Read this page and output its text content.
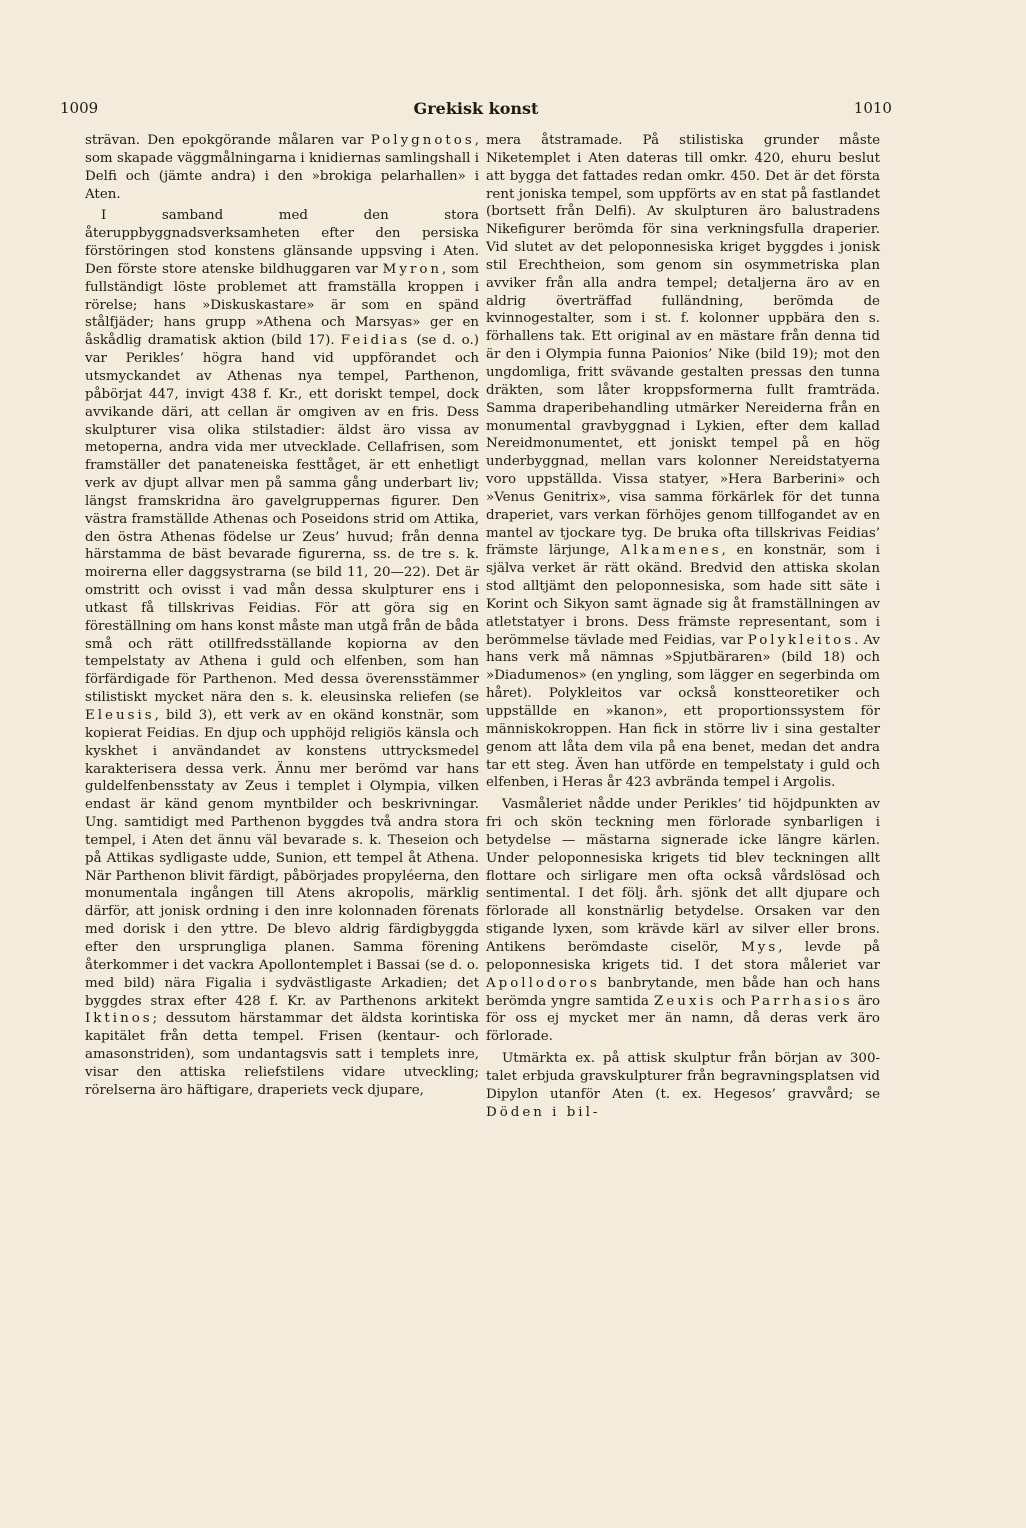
1009	Grekisk konst	1010

strävan. Den epokgörande målaren var Polygnotos, som skapade väggmålningarna i knidiernas samlingshall i Delfi och (jämte andra) i den »brokiga pelarhallen» i Aten.

I samband med den stora återuppbyggnadsverksamheten efter den persiska förstöringen stod konstens glänsande uppsving i Aten. Den förste store atenske bildhuggaren var Myron, som fullständigt löste problemet att framställa kroppen i rörelse; hans »Diskuskastare» är som en spänd stålfjäder; hans grupp »Athena och Marsyas» ger en åskådlig dramatisk aktion (bild 17). Feidias (se d. o.) var Perikles’ högra hand vid uppförandet och utsmyckandet av Athenas nya tempel, Parthenon, påbörjat 447, invigt 438 f. Kr., ett doriskt tempel, dock avvikande däri, att cellan är omgiven av en fris. Dess skulpturer visa olika stilstadier: äldst äro vissa av metoperna, andra vida mer utvecklade. Cellafrisen, som framställer det panateneiska festtåget, är ett enhetligt verk av djupt allvar men på samma gång underbart liv; längst framskridna äro gavelgruppernas figurer. Den västra framställde Athenas och Poseidons strid om Attika, den östra Athenas födelse ur Zeus’ huvud; från denna härstamma de bäst bevarade figurerna, ss. de tre s. k. moirerna eller daggsystrarna (se bild 11, 20—22). Det är omstritt och ovisst i vad mån dessa skulpturer ens i utkast få tillskrivas Feidias. För att göra sig en föreställning om hans konst måste man utgå från de båda små och rätt otillfredsställande kopiorna av den tempelstaty av Athena i guld och elfenben, som han förfärdigade för Parthenon. Med dessa överensstämmer stilistiskt mycket nära den s. k. eleusinska reliefen (se Eleusis, bild 3), ett verk av en okänd konstnär, som kopierat Feidias. En djup och upphöjd religiös känsla och kyskhet i användandet av konstens uttrycksmedel karakterisera dessa verk. Ännu mer berömd var hans guldelfenbensstaty av Zeus i templet i Olympia, vilken endast är känd genom myntbilder och beskrivningar. Ung. samtidigt med Parthenon byggdes två andra stora tempel, i Aten det ännu väl bevarade s. k. Theseion och på Attikas sydligaste udde, Sunion, ett tempel åt Athena. När Parthenon blivit färdigt, påbörjades propyléerna, den monumentala ingången till Atens akropolis, märklig därför, att jonisk ordning i den inre kolonnaden förenats med dorisk i den yttre. De blevo aldrig färdigbyggda efter den ursprungliga planen. Samma förening återkommer i det vackra Apollontemplet i Bassai (se d. o. med bild) nära Figalia i sydvästligaste Arkadien; det byggdes strax efter 428 f. Kr. av Parthenons arkitekt Iktinos; dessutom härstammar det äldsta korintiska kapitälet från detta tempel. Frisen (kentaur- och amasonstriden), som undantagsvis satt i templets inre, visar den attiska reliefstilens vidare utveckling; rörelserna äro häftigare, draperiets veck djupare,

mera åtstramade. På stilistiska grunder måste Niketemplet i Aten dateras till omkr. 420, ehuru beslut att bygga det fattades redan omkr. 450. Det är det första rent joniska tempel, som uppförts av en stat på fastlandet (bortsett från Delfi). Av skulpturen äro balustradens Nikefigurer berömda för sina verkningsfulla draperier. Vid slutet av det peloponnesiska kriget byggdes i jonisk stil Erechtheion, som genom sin osymmetriska plan avviker från alla andra tempel; detaljerna äro av en aldrig överträffad fulländning, berömda de kvinnogestalter, som i st. f. kolonner uppbära den s. förhallens tak. Ett original av en mästare från denna tid är den i Olympia funna Paionios’ Nike (bild 19); mot den ungdomliga, fritt svävande gestalten pressas den tunna dräkten, som låter kroppsformerna fullt framträda. Samma draperibehandling utmärker Nereiderna från en monumental gravbyggnad i Lykien, efter dem kallad Nereidmonumentet, ett joniskt tempel på en hög underbyggnad, mellan vars kolonner Nereidstatyerna voro uppställda. Vissa statyer, »Hera Barberini» och »Venus Genitrix», visa samma förkärlek för det tunna draperiet, vars verkan förhöjes genom tillfogandet av en mantel av tjockare tyg. De bruka ofta tillskrivas Feidias’ främste lärjunge, Alkamenes, en konstnär, som i själva verket är rätt okänd. Bredvid den attiska skolan stod alltjämt den peloponnesiska, som hade sitt säte i Korint och Sikyon samt ägnade sig åt framställningen av atletstatyer i brons. Dess främste representant, som i berömmelse tävlade med Feidias, var Polykleitos. Av hans verk må nämnas »Spjutbäraren» (bild 18) och »Diadumenos» (en yngling, som lägger en segerbinda om håret). Polykleitos var också konstteoretiker och uppställde en »kanon», ett proportionssystem för människokroppen. Han fick in större liv i sina gestalter genom att låta dem vila på ena benet, medan det andra tar ett steg. Även han utförde en tempelstaty i guld och elfenben, i Heras år 423 avbrända tempel i Argolis.

Vasmåleriet nådde under Perikles’ tid höjdpunkten av fri och skön teckning men förlorade synbarligen i betydelse — mästarna signerade icke längre kärlen. Under peloponnesiska krigets tid blev teckningen allt flottare och sirligare men ofta också vårdslösad och sentimental. I det följ. årh. sjönk det allt djupare och förlorade all konstnärlig betydelse. Orsaken var den stigande lyxen, som krävde kärl av silver eller brons. Antikens berömdaste ciselör, Mys, levde på peloponnesiska krigets tid. I det stora måleriet var Apollodoros banbrytande, men både han och hans berömda yngre samtida Zeuxis och Parrhasios äro för oss ej mycket mer än namn, då deras verk äro förlorade.

Utmärkta ex. på attisk skulptur från början av 300-talet erbjuda gravskulpturer från begravningsplatsen vid Dipylon utanför Aten (t. ex. Hegesos’ gravvård; se Döden i bil-
